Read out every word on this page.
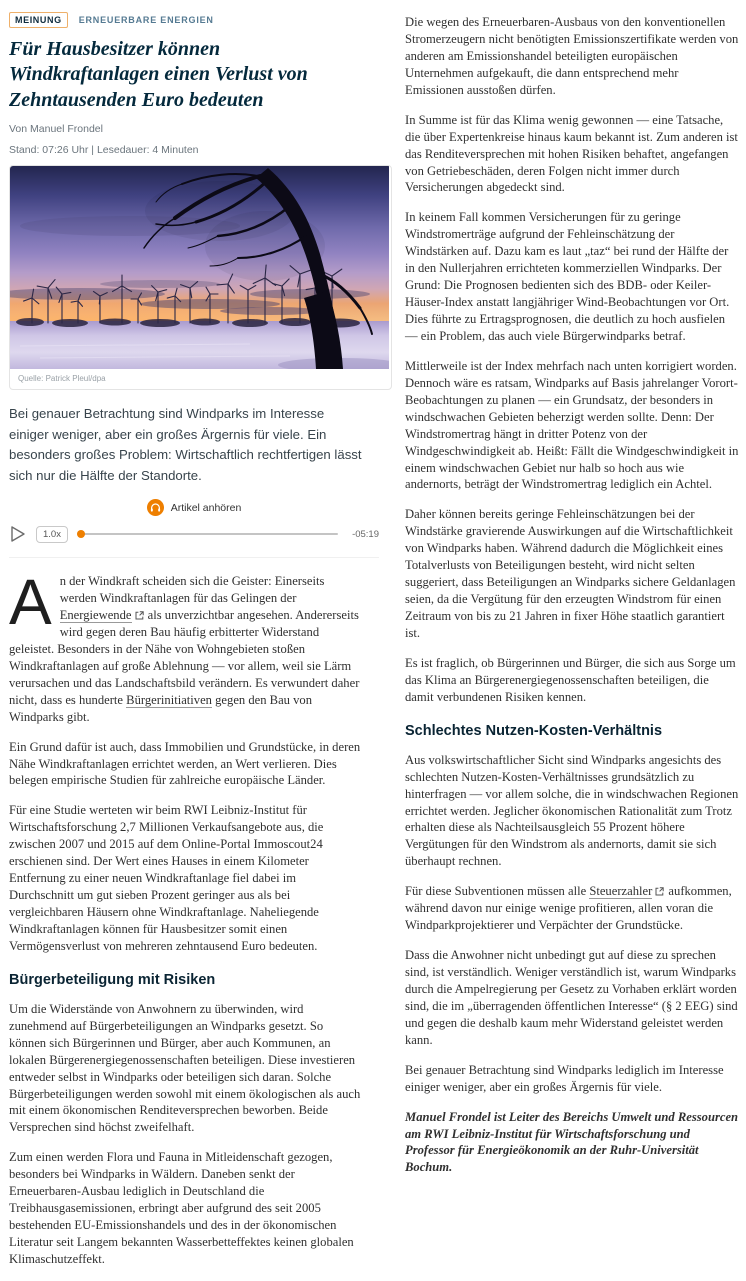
MEINUNG	ERNEUERBARE ENERGIEN
Für Hausbesitzer können Windkraftanlagen einen Verlust von Zehntausenden Euro bedeuten
Von Manuel Frondel
Stand: 07:26 Uhr | Lesedauer: 4 Minuten
Quelle: Patrick Pleul/dpa

Bei genauer Betrachtung sind Windparks im Interesse einiger weniger, aber ein großes Ärgernis für viele. Ein besonders großes Problem: Wirtschaftlich rechtfertigen lässt sich nur die Hälfte der Standorte.

Artikel anhören
1.0x	-05:19

An der Windkraft scheiden sich die Geister: Einerseits werden Windkraftanlagen für das Gelingen der Energiewende als unverzichtbar angesehen. Andererseits wird gegen deren Bau häufig erbitterter Widerstand geleistet. Besonders in der Nähe von Wohngebieten stoßen Windkraftanlagen auf große Ablehnung — vor allem, weil sie Lärm verursachen und das Landschaftsbild verändern. Es verwundert daher nicht, dass es hunderte Bürgerinitiativen gegen den Bau von Windparks gibt.

Ein Grund dafür ist auch, dass Immobilien und Grundstücke, in deren Nähe Windkraftanlagen errichtet werden, an Wert verlieren. Dies belegen empirische Studien für zahlreiche europäische Länder.

Für eine Studie werteten wir beim RWI Leibniz-Institut für Wirtschaftsforschung 2,7 Millionen Verkaufsangebote aus, die zwischen 2007 und 2015 auf dem Online-Portal Immoscout24 erschienen sind. Der Wert eines Hauses in einem Kilometer Entfernung zu einer neuen Windkraftanlage fiel dabei im Durchschnitt um gut sieben Prozent geringer aus als bei vergleichbaren Häusern ohne Windkraftanlage. Naheliegende Windkraftanlagen können für Hausbesitzer somit einen Vermögensverlust von mehreren zehntausend Euro bedeuten.

Bürgerbeteiligung mit Risiken

Um die Widerstände von Anwohnern zu überwinden, wird zunehmend auf Bürgerbeteiligungen an Windparks gesetzt. So können sich Bürgerinnen und Bürger, aber auch Kommunen, an lokalen Bürgerenergiegenossenschaften beteiligen. Diese investieren entweder selbst in Windparks oder beteiligen sich daran. Solche Bürgerbeteiligungen werden sowohl mit einem ökologischen als auch mit einem ökonomischen Renditeversprechen beworben. Beide Versprechen sind höchst zweifelhaft.

Zum einen werden Flora und Fauna in Mitleidenschaft gezogen, besonders bei Windparks in Wäldern. Daneben senkt der Erneuerbaren-Ausbau lediglich in Deutschland die Treibhausgasemissionen, erbringt aber aufgrund des seit 2005 bestehenden EU-Emissionshandels und des in der ökonomischen Literatur seit Langem bekannten Wasserbetteffektes keinen globalen Klimaschutzeffekt.

Die wegen des Erneuerbaren-Ausbaus von den konventionellen Stromerzeugern nicht benötigten Emissionszertifikate werden von anderen am Emissionshandel beteiligten europäischen Unternehmen aufgekauft, die dann entsprechend mehr Emissionen ausstoßen dürfen.

In Summe ist für das Klima wenig gewonnen — eine Tatsache, die über Expertenkreise hinaus kaum bekannt ist. Zum anderen ist das Renditeversprechen mit hohen Risiken behaftet, angefangen von Getriebeschäden, deren Folgen nicht immer durch Versicherungen abgedeckt sind.

In keinem Fall kommen Versicherungen für zu geringe Windstromerträge aufgrund der Fehleinschätzung der Windstärken auf. Dazu kam es laut „taz“ bei rund der Hälfte der in den Nullerjahren errichteten kommerziellen Windparks. Der Grund: Die Prognosen bedienten sich des BDB- oder Keiler-Häuser-Index anstatt langjähriger Wind-Beobachtungen vor Ort. Dies führte zu Ertragsprognosen, die deutlich zu hoch ausfielen — ein Problem, das auch viele Bürgerwindparks betraf.

Mittlerweile ist der Index mehrfach nach unten korrigiert worden. Dennoch wäre es ratsam, Windparks auf Basis jahrelanger Vorort-Beobachtungen zu planen — ein Grundsatz, der besonders in windschwachen Gebieten beherzigt werden sollte. Denn: Der Windstromertrag hängt in dritter Potenz von der Windgeschwindigkeit ab. Heißt: Fällt die Windgeschwindigkeit in einem windschwachen Gebiet nur halb so hoch aus wie andernorts, beträgt der Windstromertrag lediglich ein Achtel.

Daher können bereits geringe Fehleinschätzungen bei der Windstärke gravierende Auswirkungen auf die Wirtschaftlichkeit von Windparks haben. Während dadurch die Möglichkeit eines Totalverlusts von Beteiligungen besteht, wird nicht selten suggeriert, dass Beteiligungen an Windparks sichere Geldanlagen seien, da die Vergütung für den erzeugten Windstrom für einen Zeitraum von bis zu 21 Jahren in fixer Höhe staatlich garantiert ist.

Es ist fraglich, ob Bürgerinnen und Bürger, die sich aus Sorge um das Klima an Bürgerenergiegenossenschaften beteiligen, die damit verbundenen Risiken kennen.

Schlechtes Nutzen-Kosten-Verhältnis

Aus volkswirtschaftlicher Sicht sind Windparks angesichts des schlechten Nutzen-Kosten-Verhältnisses grundsätzlich zu hinterfragen — vor allem solche, die in windschwachen Regionen errichtet werden. Jeglicher ökonomischen Rationalität zum Trotz erhalten diese als Nachteilsausgleich 55 Prozent höhere Vergütungen für den Windstrom als andernorts, damit sie sich überhaupt rechnen.

Für diese Subventionen müssen alle Steuerzahler aufkommen, während davon nur einige wenige profitieren, allen voran die Windparkprojektierer und Verpächter der Grundstücke.

Dass die Anwohner nicht unbedingt gut auf diese zu sprechen sind, ist verständlich. Weniger verständlich ist, warum Windparks durch die Ampelregierung per Gesetz zu Vorhaben erklärt worden sind, die im „überragenden öffentlichen Interesse“ (§ 2 EEG) sind und gegen die deshalb kaum mehr Widerstand geleistet werden kann.

Bei genauer Betrachtung sind Windparks lediglich im Interesse einiger weniger, aber ein großes Ärgernis für viele.

Manuel Frondel ist Leiter des Bereichs Umwelt und Ressourcen am RWI Leibniz-Institut für Wirtschaftsforschung und Professor für Energieökonomik an der Ruhr-Universität Bochum.
